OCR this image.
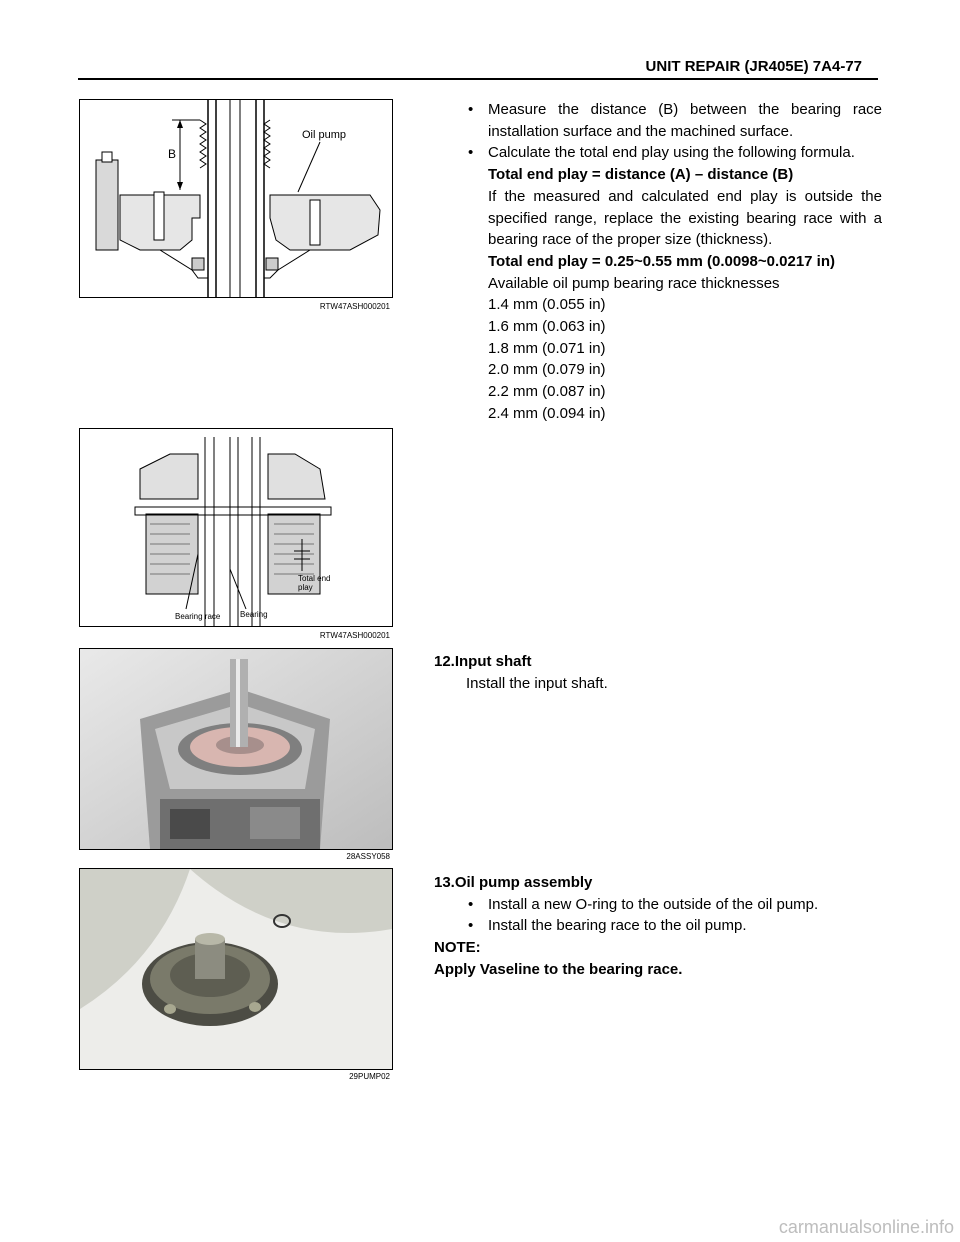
UNIT REPAIR (JR405E) 7A4-77
B
Oil pump
RTW47ASH000201
Total end
play
Bearing race Bearing
RTW47ASH000201
28ASSY058
29PUMP02
• Measure the distance (B) between the bearing race installation surface and the machined surface.
• Calculate the total end play using the following formula.
Total end play = distance (A) – distance (B)
If the measured and calculated end play is outside the specified range, replace the existing bearing race with a bearing race of the proper size (thickness).
Total end play = 0.25~0.55 mm (0.0098~0.0217 in)
Available oil pump bearing race thicknesses
1.4 mm (0.055 in)
1.6 mm (0.063 in)
1.8 mm (0.071 in)
2.0 mm (0.079 in)
2.2 mm (0.087 in)
2.4 mm (0.094 in)
12.Input shaft
Install the input shaft.
13.Oil pump assembly
• Install a new O-ring to the outside of the oil pump.
• Install the bearing race to the oil pump.
NOTE:
Apply Vaseline to the bearing race.
carmanualsonline.info
